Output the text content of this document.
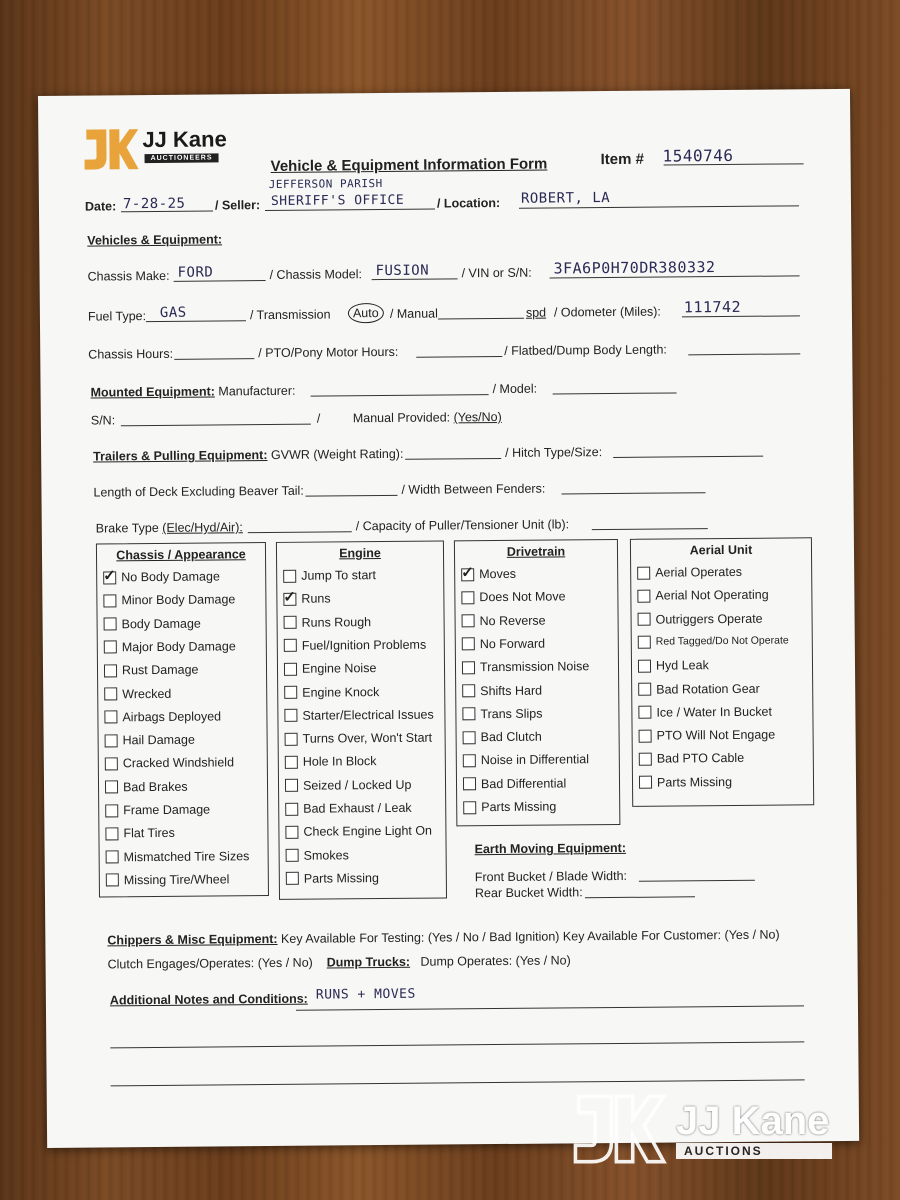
JJ Kane
AUCTIONEERS	Vehicle & Equipment Information Form	Item # 1540746
Date: 7-28-25 / Seller:
JEFFERSON PARISH
SHERIFF'S OFFICE	/ Location: ROBERT, LA
Vehicles & Equipment:
Chassis Make: FORD	/ Chassis Model: FUSION	/ VIN or S/N: 3FA6P0H70DR380332
Fuel Type: GAS	/ Transmission	Auto / Manual	spd / Odometer (Miles): 111742
Chassis Hours:	/ PTO/Pony Motor Hours:	/ Flatbed/Dump Body Length:
Mounted Equipment: Manufacturer:	/ Model:
S/N:	/	Manual Provided: (Yes/No)
Trailers & Pulling Equipment: GVWR (Weight Rating):	/ Hitch Type/Size:
Length of Deck Excluding Beaver Tail:	/ Width Between Fenders:
Brake Type (Elec/Hyd/Air):	/ Capacity of Puller/Tensioner Unit (lb):
Chassis / Appearance
✓
No Body Damage
Minor Body Damage
Body Damage
Major Body Damage
Rust Damage
Wrecked
Airbags Deployed
Hail Damage
Cracked Windshield
Bad Brakes
Frame Damage
Flat Tires
Mismatched Tire Sizes
Missing Tire/Wheel
Engine
Jump To start
✓
Runs
Runs Rough
Fuel/Ignition Problems
Engine Noise
Engine Knock
Starter/Electrical Issues
Turns Over, Won't Start
Hole In Block
Seized / Locked Up
Bad Exhaust / Leak
Check Engine Light On
Smokes
Parts Missing
Drivetrain
✓
Moves
Does Not Move
No Reverse
No Forward
Transmission Noise
Shifts Hard
Trans Slips
Bad Clutch
Noise in Differential
Bad Differential
Parts Missing
Aerial Unit
Aerial Operates
Aerial Not Operating
Outriggers Operate
Red Tagged/Do Not Operate
Hyd Leak
Bad Rotation Gear
Ice / Water In Bucket
PTO Will Not Engage
Bad PTO Cable
Parts Missing
Earth Moving Equipment:
Front Bucket / Blade Width:
Rear Bucket Width:
Chippers & Misc Equipment: Key Available For Testing: (Yes / No / Bad Ignition) Key Available For Customer: (Yes / No)
Clutch Engages/Operates: (Yes / No) Dump Trucks: Dump Operates: (Yes / No)
Additional Notes and Conditions: RUNS + MOVES
JJ Kane
AUCTIONS
